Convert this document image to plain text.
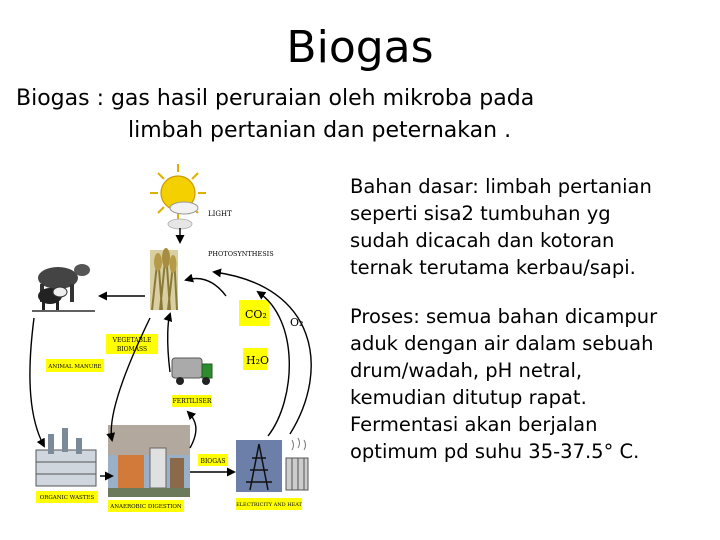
Biogas
Biogas : gas hasil peruraian oleh mikroba pada
limbah pertanian dan peternakan .
Bahan dasar: limbah pertanian
seperti sisa2 tumbuhan yg
sudah dicacah dan kotoran
ternak terutama kerbau/sapi.
Proses: semua bahan dicampur
aduk dengan air dalam sebuah
drum/wadah, pH netral,
kemudian ditutup rapat.
Fermentasi akan berjalan
optimum pd suhu 35-37.5° C.
LIGHT
PHOTOSYNTHESIS
VEGETABLE
BIOMASS
ANIMAL MANURE
CO₂
O₂
H₂O
FERTILISER
ORGANIC WASTES
ANAEROBIC DIGESTION
BIOGAS
ELECTRICITY AND HEAT
